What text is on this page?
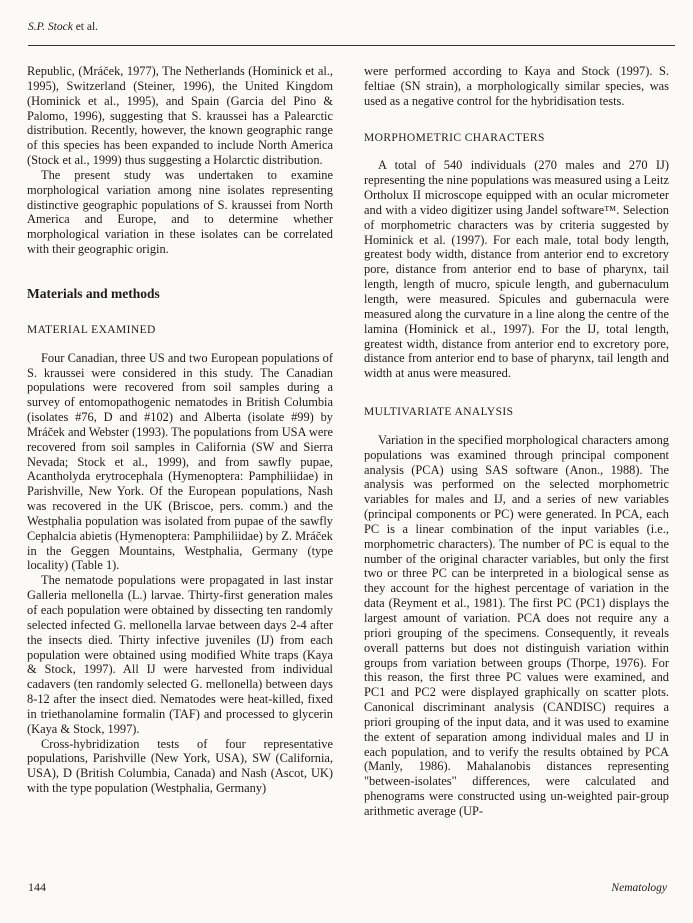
S.P. Stock et al.

Republic, (Mráček, 1977), The Netherlands (Hominick et al., 1995), Switzerland (Steiner, 1996), the United Kingdom (Hominick et al., 1995), and Spain (Garcia del Pino & Palomo, 1996), suggesting that S. kraussei has a Palearctic distribution. Recently, however, the known geographic range of this species has been expanded to include North America (Stock et al., 1999) thus suggesting a Holarctic distribution.

The present study was undertaken to examine morphological variation among nine isolates representing distinctive geographic populations of S. kraussei from North America and Europe, and to determine whether morphological variation in these isolates can be correlated with their geographic origin.

Materials and methods
MATERIAL EXAMINED

Four Canadian, three US and two European populations of S. kraussei were considered in this study. The Canadian populations were recovered from soil samples during a survey of entomopathogenic nematodes in British Columbia (isolates #76, D and #102) and Alberta (isolate #99) by Mráček and Webster (1993). The populations from USA were recovered from soil samples in California (SW and Sierra Nevada; Stock et al., 1999), and from sawfly pupae, Acantholyda erytrocephala (Hymenoptera: Pamphiliidae) in Parishville, New York. Of the European populations, Nash was recovered in the UK (Briscoe, pers. comm.) and the Westphalia population was isolated from pupae of the sawfly Cephalcia abietis (Hymenoptera: Pamphiliidae) by Z. Mráček in the Geggen Mountains, Westphalia, Germany (type locality) (Table 1).

The nematode populations were propagated in last instar Galleria mellonella (L.) larvae. Thirty-first generation males of each population were obtained by dissecting ten randomly selected infected G. mellonella larvae between days 2-4 after the insects died. Thirty infective juveniles (IJ) from each population were obtained using modified White traps (Kaya & Stock, 1997). All IJ were harvested from individual cadavers (ten randomly selected G. mellonella) between days 8-12 after the insect died. Nematodes were heat-killed, fixed in triethanolamine formalin (TAF) and processed to glycerin (Kaya & Stock, 1997).

Cross-hybridization tests of four representative populations, Parishville (New York, USA), SW (California, USA), D (British Columbia, Canada) and Nash (Ascot, UK) with the type population (Westphalia, Germany)

were performed according to Kaya and Stock (1997). S. feltiae (SN strain), a morphologically similar species, was used as a negative control for the hybridisation tests.

MORPHOMETRIC CHARACTERS

A total of 540 individuals (270 males and 270 IJ) representing the nine populations was measured using a Leitz Ortholux II microscope equipped with an ocular micrometer and with a video digitizer using Jandel software™. Selection of morphometric characters was by criteria suggested by Hominick et al. (1997). For each male, total body length, greatest body width, distance from anterior end to excretory pore, distance from anterior end to base of pharynx, tail length, length of mucro, spicule length, and gubernaculum length, were measured. Spicules and gubernacula were measured along the curvature in a line along the centre of the lamina (Hominick et al., 1997). For the IJ, total length, greatest width, distance from anterior end to excretory pore, distance from anterior end to base of pharynx, tail length and width at anus were measured.

MULTIVARIATE ANALYSIS

Variation in the specified morphological characters among populations was examined through principal component analysis (PCA) using SAS software (Anon., 1988). The analysis was performed on the selected morphometric variables for males and IJ, and a series of new variables (principal components or PC) were generated. In PCA, each PC is a linear combination of the input variables (i.e., morphometric characters). The number of PC is equal to the number of the original character variables, but only the first two or three PC can be interpreted in a biological sense as they account for the highest percentage of variation in the data (Reyment et al., 1981). The first PC (PC1) displays the largest amount of variation. PCA does not require any a priori grouping of the specimens. Consequently, it reveals overall patterns but does not distinguish variation within groups from variation between groups (Thorpe, 1976). For this reason, the first three PC values were examined, and PC1 and PC2 were displayed graphically on scatter plots. Canonical discriminant analysis (CANDISC) requires a priori grouping of the input data, and it was used to examine the extent of separation among individual males and IJ in each population, and to verify the results obtained by PCA (Manly, 1986). Mahalanobis distances representing "between-isolates" differences, were calculated and phenograms were constructed using un-weighted pair-group arithmetic average (UP-

144	Nematology
